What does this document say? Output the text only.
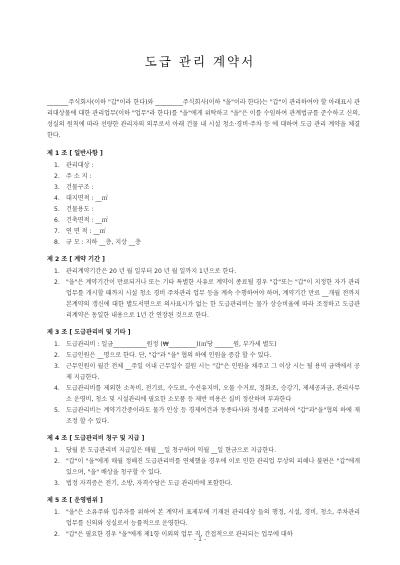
도급 관리 계약서

_______주식회사(이하 "갑"이라 한다)와 _________주식회사(이하 "을"이라 한다)는 "갑"이 관리하여야 할 아래표시 관리대상물에 대한 관리업무(이하 "업무"라 한다)를 "을"에게 위탁하고 "을"은 이를 수임하여 관계법규를 준수하고 신의, 성실의 원칙에 따라 선량한 관리자의 의무로서 아래 건물 내 시설 청소·경비·주차 등 에 대하여 도급 관리 계약을 체결한다.

제 1 조 [ 일반사항 ]
1.	관리대상 :
2.	주 소 지 :
3.	건물구조 :
4.	대지면적 : __㎡
5.	건물용도 :
6.	건축면적 : __㎡
7.	연 면 적 : __㎡
8.	규 모 : 지하 __층, 지상 __층
제 2 조 [ 계약 기간 ]
1.	관리계약기간은 20 년 월 일부터 20 년 월 일까지 1년으로 한다.
2.	"을"은 계약기간이 만료되거나 또는 기타 특별한 사유로 계약이 종료될 경우 "갑"또는 "갑"이 지정한 자가 관리 업무를 개시할 때까지 시설 청소 경비 주차관리 업무 등을 계속 수행하여야 하며, 계약기간 만료 __개월 전까지 본계약의 갱신에 대한 별도서면으로 의사표시가 없는 한 도급관리비는 물가 상승비율에 따라 조정하고 도급관리계약은 동일한 내용으로 1년 간 연장된 것으로 한다.
제 3 조 [ 도급관리비 및 기타 ]
1.	도급관리비 : 일금___________원정 (₩_________)(㎡당 ______원, 부가세 별도)
2.	도급인원은 __명으로 한다. 단, "갑"과 "을" 협의 하에 인원을 증감 할 수 있다.
3.	근무인원이 월간 전체 __주일 이내 근무일수 결원 시는 "갑"은 인원을 채주고 그 이상 시는 될 용역 금액에서 공제 지급한다.
4.	도급관리비를 제외한 소독비, 전기료, 수도료, 수선유지비, 오물 수거료, 정화조, 승강기, 제세공과금, 관리사무소 운영비, 청소 및 시설관리에 필요한 소모품 등 제반 비용은 실비 정산하며 부과한다
5.	도급관리비는 계약기간중이라도 물가 인상 등 경제여건과 동종타사와 정세를 고려하여 "갑"과"을"협의 하에 재조정 할 수 있다.
제 4 조 [ 도급관리비 청구 및 지급 ]
1.	당월 분 도급관리비 지급일은 매월 __일 청구하며 익월 __일 현금으로 지급한다.
2.	"갑"이 "을"에게 매월 정해진 도급관리비를 연체했을 경우에 이로 인한 관리업 무상의 피해나 불편은 "갑"에게 있으며, "을" 배상을 청구할 수 있다.
3.	법정 자격증은 전기, 소방, 자격수당은 도급 관리비에 포함한다.
제 5 조 [ 운영범위 ]
1.	"을"은 소유주와 입주자를 위하여 본 계약서 표제부에 기재된 관리대상 들의 행정, 시설, 경비, 청소, 주차관리 업무를 신의와 성실로서 능률적으로 운영한다.
2.	"갑"은 필요한 경우 "을"에게 제1항 이외의 업무 직, 간접적으로 관리되는 업무에 대하
- 1 -
